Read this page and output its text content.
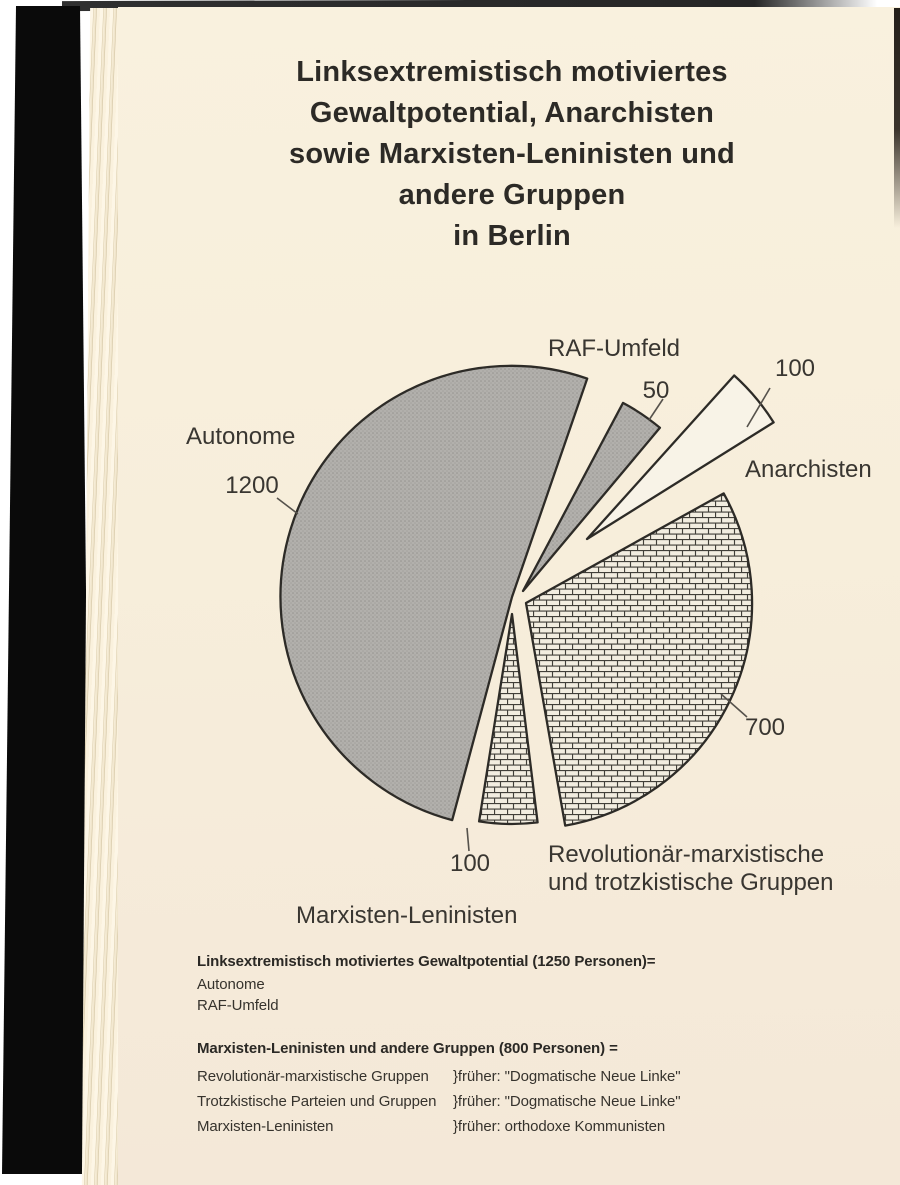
Linksextremistisch motiviertes
Gewaltpotential, Anarchisten
sowie Marxisten-Leninisten und
andere Gruppen
in Berlin
RAF-Umfeld
50
100
Anarchisten
Autonome
1200
700
100
Marxisten-Leninisten
Revolutionär-marxistische
und trotzkistische Gruppen
Linksextremistisch motiviertes Gewaltpotential (1250 Personen)=
Autonome
RAF-Umfeld
Marxisten-Leninisten und andere Gruppen (800 Personen) =
Revolutionär-marxistische Gruppen	}früher: "Dogmatische Neue Linke"
Trotzkistische Parteien und Gruppen	}früher: "Dogmatische Neue Linke"
Marxisten-Leninisten	}früher: orthodoxe Kommunisten
